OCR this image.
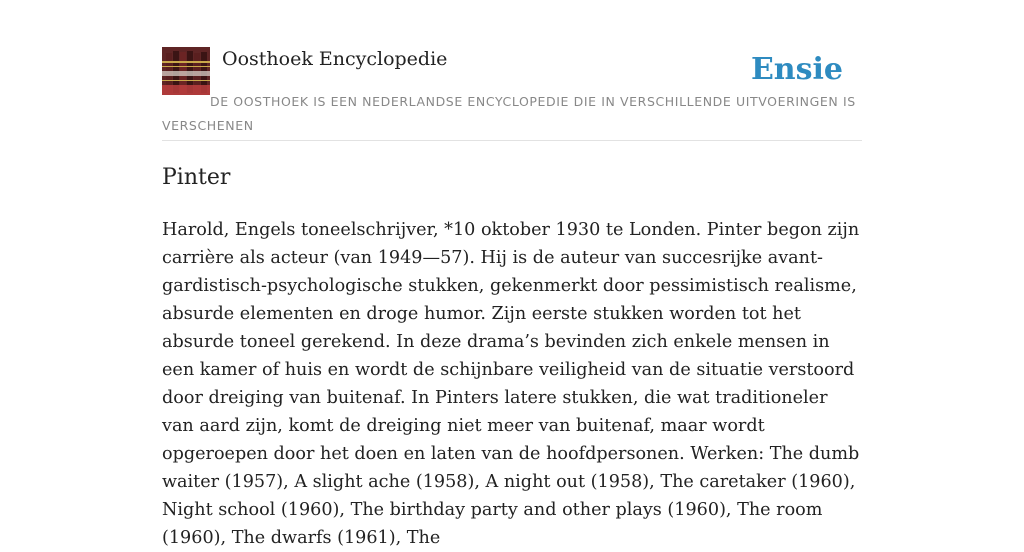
Oosthoek Encyclopedie	Ensie
DE OOSTHOEK IS EEN NEDERLANDSE ENCYCLOPEDIE DIE IN VERSCHILLENDE UITVOERINGEN IS VERSCHENEN
Pinter

Harold, Engels toneelschrijver, *10 oktober 1930 te Londen. Pinter begon zijn carrière als acteur (van 1949—57). Hij is de auteur van succesrijke avant-gardistisch-psychologische stukken, gekenmerkt door pessimistisch realisme, absurde elementen en droge humor. Zijn eerste stukken worden tot het absurde toneel gerekend. In deze drama’s bevinden zich enkele mensen in een kamer of huis en wordt de schijnbare veiligheid van de situatie verstoord door dreiging van buitenaf. In Pinters latere stukken, die wat traditioneler van aard zijn, komt de dreiging niet meer van buitenaf, maar wordt opgeroepen door het doen en laten van de hoofdpersonen. Werken: The dumb waiter (1957), A slight ache (1958), A night out (1958), The caretaker (1960), Night school (1960), The birthday party and other plays (1960), The room (1960), The dwarfs (1961), The
